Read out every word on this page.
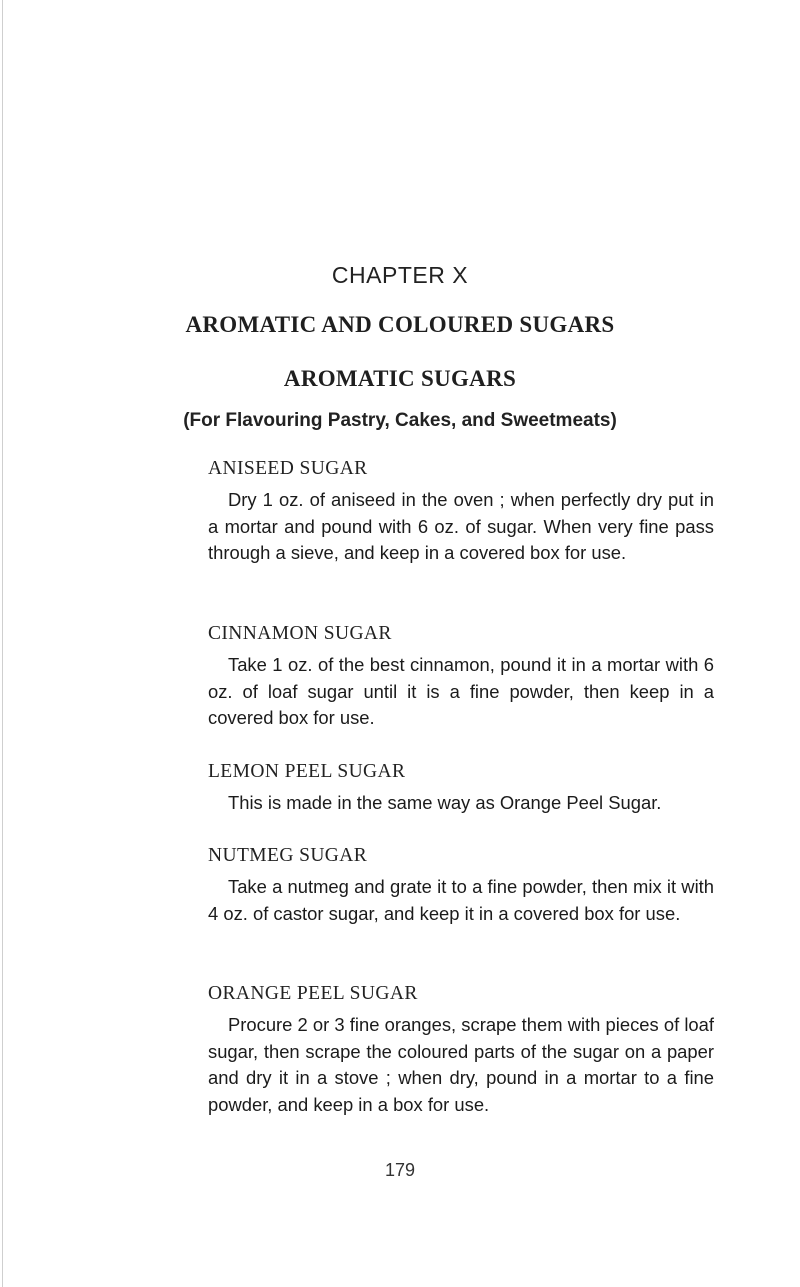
CHAPTER X
AROMATIC AND COLOURED SUGARS
AROMATIC SUGARS
(For Flavouring Pastry, Cakes, and Sweetmeats)
ANISEED SUGAR
Dry 1 oz. of aniseed in the oven ; when perfectly dry put in a mortar and pound with 6 oz. of sugar. When very fine pass through a sieve, and keep in a covered box for use.
CINNAMON SUGAR
Take 1 oz. of the best cinnamon, pound it in a mortar with 6 oz. of loaf sugar until it is a fine powder, then keep in a covered box for use.
LEMON PEEL SUGAR
This is made in the same way as Orange Peel Sugar.
NUTMEG SUGAR
Take a nutmeg and grate it to a fine powder, then mix it with 4 oz. of castor sugar, and keep it in a covered box for use.
ORANGE PEEL SUGAR
Procure 2 or 3 fine oranges, scrape them with pieces of loaf sugar, then scrape the coloured parts of the sugar on a paper and dry it in a stove ; when dry, pound in a mortar to a fine powder, and keep in a box for use.
179
